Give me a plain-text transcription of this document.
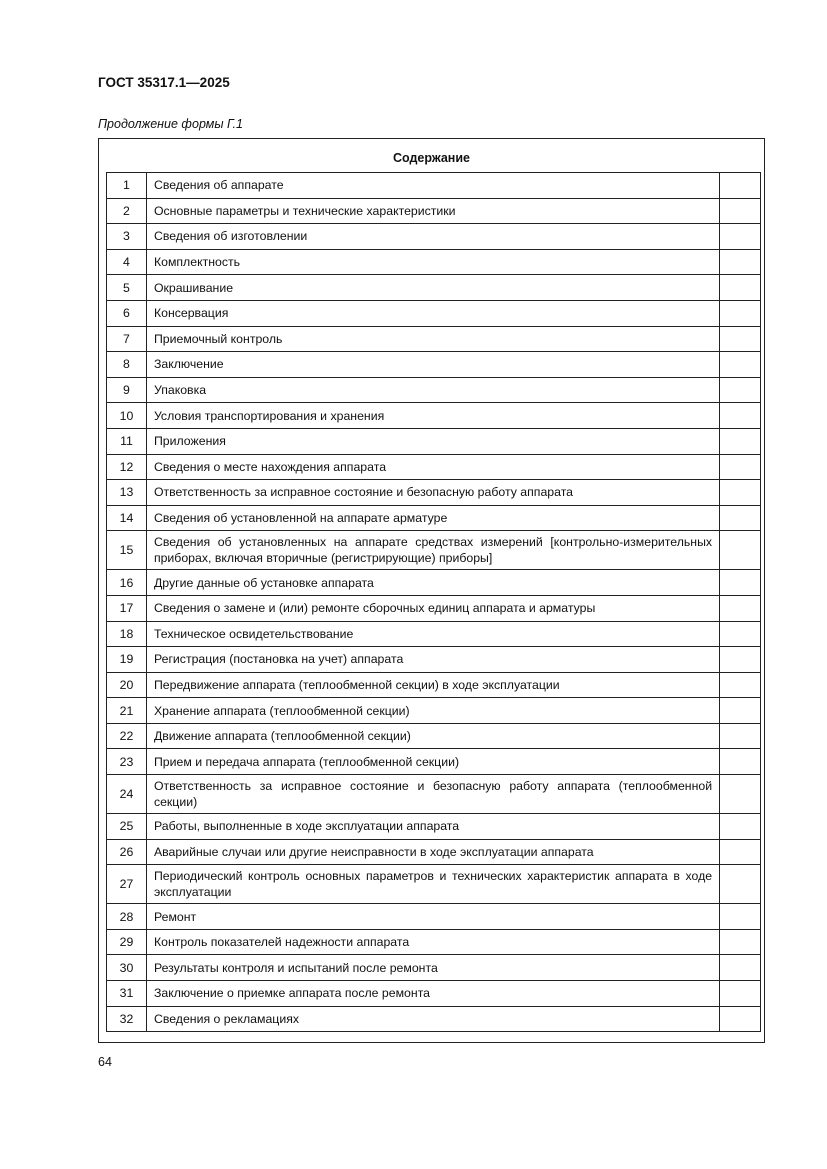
ГОСТ 35317.1—2025
Продолжение формы Г.1
Содержание
1	Сведения об аппарате	
2	Основные параметры и технические характеристики	
3	Сведения об изготовлении	
4	Комплектность	
5	Окрашивание	
6	Консервация	
7	Приемочный контроль	
8	Заключение	
9	Упаковка	
10	Условия транспортирования и хранения	
11	Приложения	
12	Сведения о месте нахождения аппарата	
13	Ответственность за исправное состояние и безопасную работу аппарата	
14	Сведения об установленной на аппарате арматуре	
15	Сведения об установленных на аппарате средствах измерений [контрольно-измерительных приборах, включая вторичные (регистрирующие) приборы]	
16	Другие данные об установке аппарата	
17	Сведения о замене и (или) ремонте сборочных единиц аппарата и арматуры	
18	Техническое освидетельствование	
19	Регистрация (постановка на учет) аппарата	
20	Передвижение аппарата (теплообменной секции) в ходе эксплуатации	
21	Хранение аппарата (теплообменной секции)	
22	Движение аппарата (теплообменной секции)	
23	Прием и передача аппарата (теплообменной секции)	
24	Ответственность за исправное состояние и безопасную работу аппарата (теплообменной секции)	
25	Работы, выполненные в ходе эксплуатации аппарата	
26	Аварийные случаи или другие неисправности в ходе эксплуатации аппарата	
27	Периодический контроль основных параметров и технических характеристик аппарата в ходе эксплуатации	
28	Ремонт	
29	Контроль показателей надежности аппарата	
30	Результаты контроля и испытаний после ремонта	
31	Заключение о приемке аппарата после ремонта	
32	Сведения о рекламациях	
64
